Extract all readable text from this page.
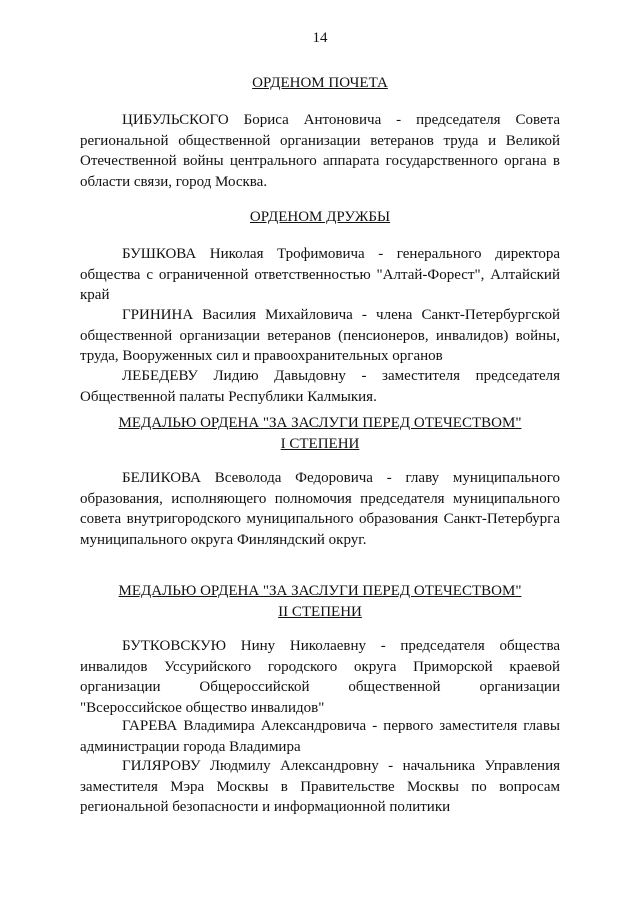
14
ОРДЕНОМ ПОЧЕТА
ЦИБУЛЬСКОГО Бориса Антоновича - председателя Совета региональной общественной организации ветеранов труда и Великой Отечественной войны центрального аппарата государственного органа в области связи, город Москва.
ОРДЕНОМ ДРУЖБЫ
БУШКОВА Николая Трофимовича - генерального директора общества с ограниченной ответственностью "Алтай-Форест", Алтайский край
ГРИНИНА Василия Михайловича - члена Санкт-Петербургской общественной организации ветеранов (пенсионеров, инвалидов) войны, труда, Вооруженных сил и правоохранительных органов
ЛЕБЕДЕВУ Лидию Давыдовну - заместителя председателя Общественной палаты Республики Калмыкия.
МЕДАЛЬЮ ОРДЕНА "ЗА ЗАСЛУГИ ПЕРЕД ОТЕЧЕСТВОМ"
I СТЕПЕНИ
БЕЛИКОВА Всеволода Федоровича - главу муниципального образования, исполняющего полномочия председателя муниципального совета внутригородского муниципального образования Санкт-Петербурга муниципального округа Финляндский округ.
МЕДАЛЬЮ ОРДЕНА "ЗА ЗАСЛУГИ ПЕРЕД ОТЕЧЕСТВОМ"
II СТЕПЕНИ
БУТКОВСКУЮ Нину Николаевну - председателя общества инвалидов Уссурийского городского округа Приморской краевой организации Общероссийской общественной организации "Всероссийское общество инвалидов"
ГАРЕВА Владимира Александровича - первого заместителя главы администрации города Владимира
ГИЛЯРОВУ Людмилу Александровну - начальника Управления заместителя Мэра Москвы в Правительстве Москвы по вопросам региональной безопасности и информационной политики
